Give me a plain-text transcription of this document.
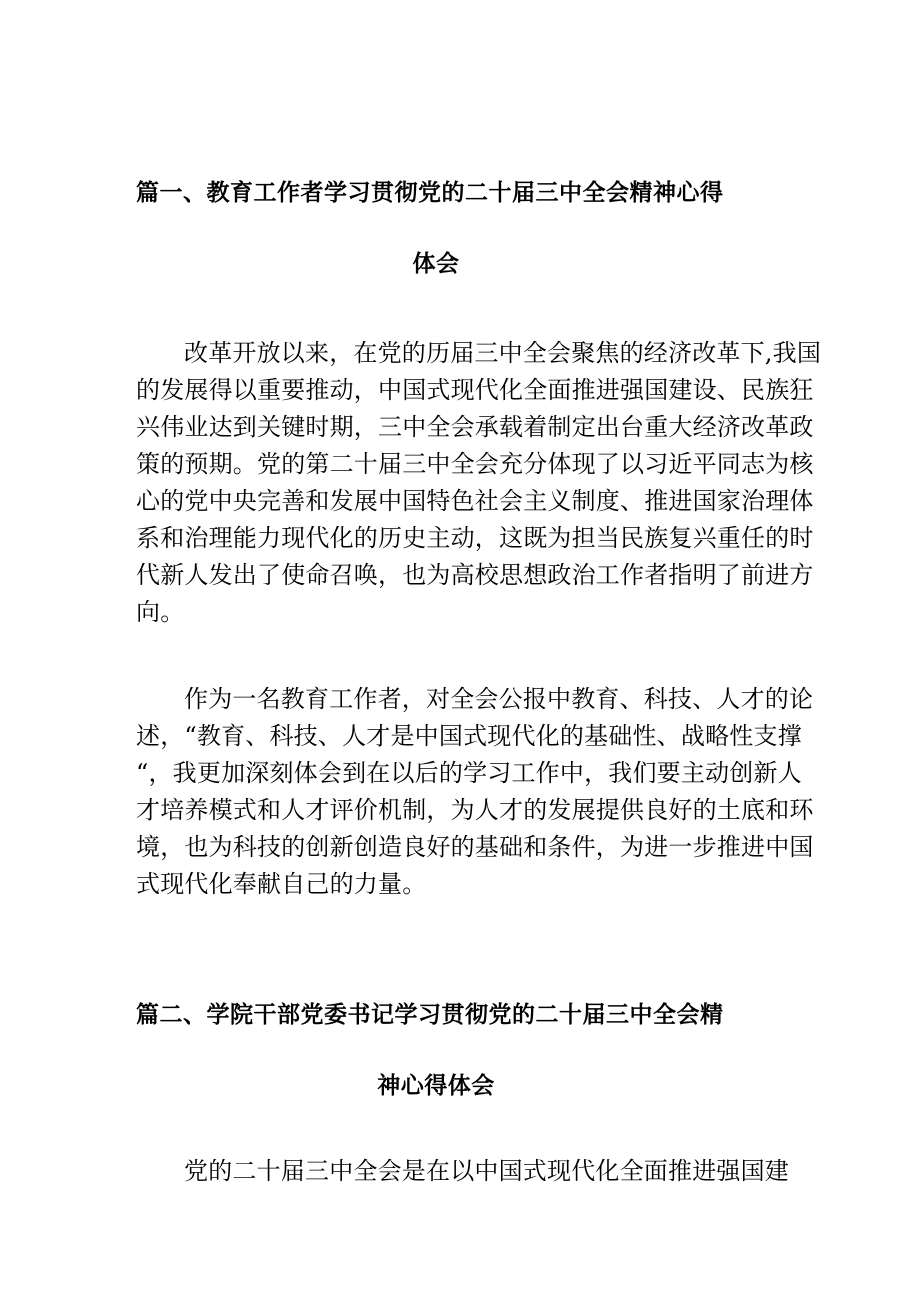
篇一、教育工作者学习贯彻党的二十届三中全会精神心得
体会
改革开放以来，在党的历届三中全会聚焦的经济改革下,我国
的发展得以重要推动，中国式现代化全面推进强国建设、民族狂
兴伟业达到关键时期，三中全会承载着制定出台重大经济改革政
策的预期。党的第二十届三中全会充分体现了以习近平同志为核
心的党中央完善和发展中国特色社会主义制度、推进国家治理体
系和治理能力现代化的历史主动，这既为担当民族复兴重任的时
代新人发出了使命召唤，也为高校思想政治工作者指明了前进方
向。
作为一名教育工作者，对全会公报中教育、科技、人才的论
述，“教育、科技、人才是中国式现代化的基础性、战略性支撑
“，我更加深刻体会到在以后的学习工作中，我们要主动创新人
才培养模式和人才评价机制，为人才的发展提供良好的土底和环
境，也为科技的创新创造良好的基础和条件，为进一步推进中国
式现代化奉献自己的力量。
篇二、学院干部党委书记学习贯彻党的二十届三中全会精
神心得体会
党的二十届三中全会是在以中国式现代化全面推进强国建
